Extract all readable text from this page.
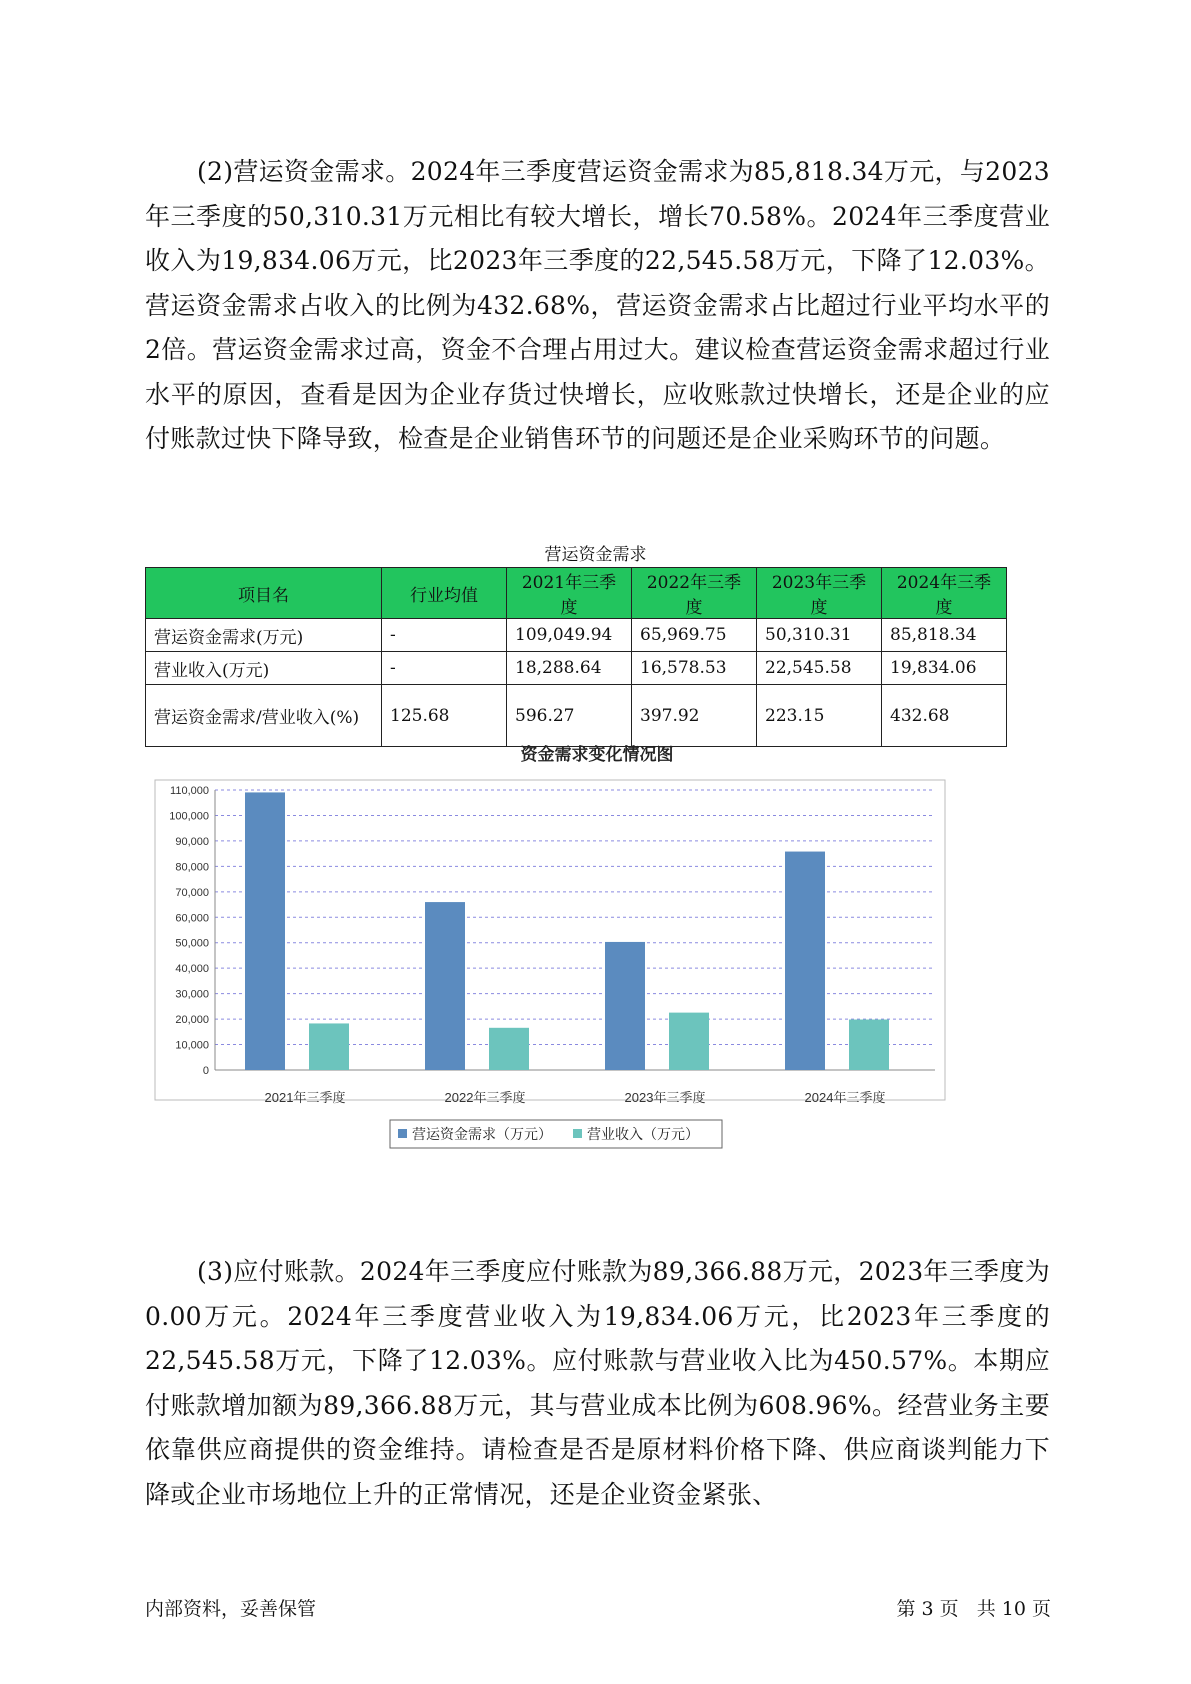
(2)营运资金需求。2024年三季度营运资金需求为85,818.34万元，与2023年三季度的50,310.31万元相比有较大增长，增长70.58%。2024年三季度营业收入为19,834.06万元，比2023年三季度的22,545.58万元，下降了12.03%。营运资金需求占收入的比例为432.68%，营运资金需求占比超过行业平均水平的2倍。营运资金需求过高，资金不合理占用过大。建议检查营运资金需求超过行业水平的原因，查看是因为企业存货过快增长，应收账款过快增长，还是企业的应付账款过快下降导致，检查是企业销售环节的问题还是企业采购环节的问题。

营运资金需求
项目名	行业均值	2021年三季度	2022年三季度	2023年三季度	2024年三季度
营运资金需求(万元)	-	109,049.94	65,969.75	50,310.31	85,818.34
营业收入(万元)	-	18,288.64	16,578.53	22,545.58	19,834.06
营运资金需求/营业收入(%)	125.68	596.27	397.92	223.15	432.68
资金需求变化情况图
0
10,000
20,000
30,000
40,000
50,000
60,000
70,000
80,000
90,000
100,000
110,000
2021年三季度	2022年三季度	2023年三季度	2024年三季度
营运资金需求（万元）	营业收入（万元）

(3)应付账款。2024年三季度应付账款为89,366.88万元，2023年三季度为0.00万元。2024年三季度营业收入为19,834.06万元，比2023年三季度的22,545.58万元，下降了12.03%。应付账款与营业收入比为450.57%。本期应付账款增加额为89,366.88万元，其与营业成本比例为608.96%。经营业务主要依靠供应商提供的资金维持。请检查是否是原材料价格下降、供应商谈判能力下降或企业市场地位上升的正常情况，还是企业资金紧张、

内部资料，妥善保管	第 3 页   共 10 页
